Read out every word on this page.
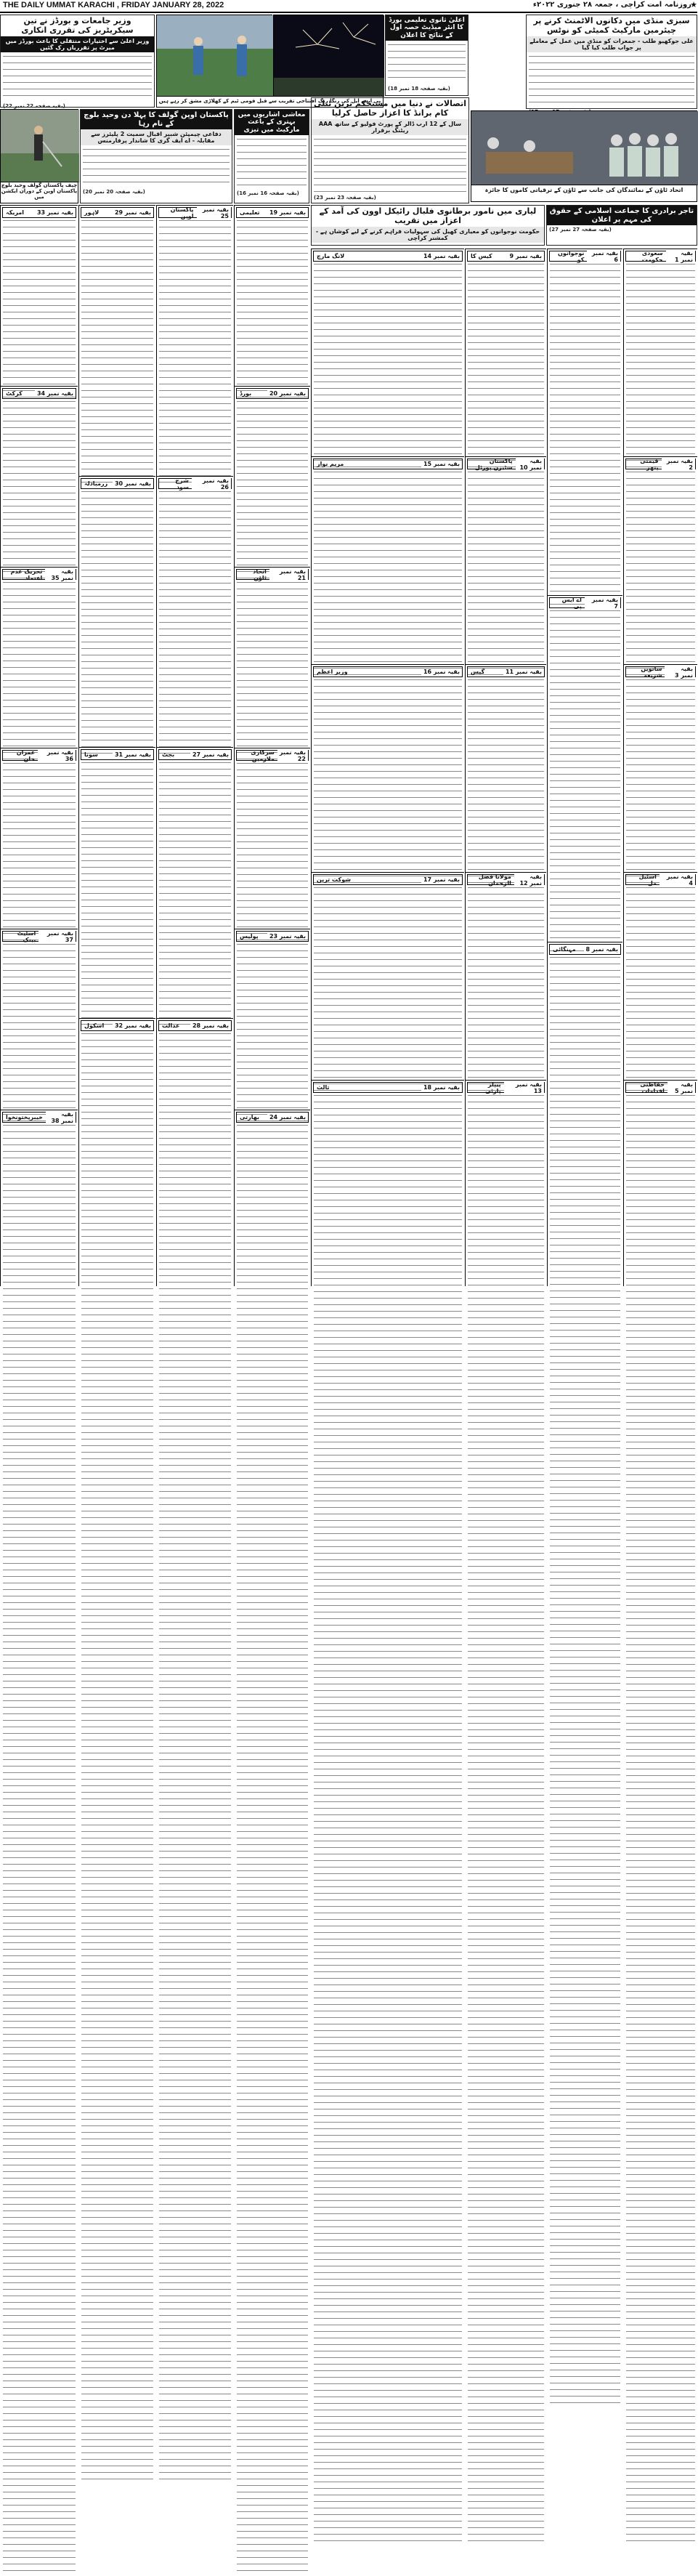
THE DAILY UMMAT KARACHI , FRIDAY JANUARY 28, 2022	روزنامہ امت کراچی ، جمعہ ۲۸ جنوری ۲۰۲۲ء
★
سبزی منڈی میں دکانوں الاٹمنٹ کرنے پر چیئرمین مارکیٹ کمیٹی کو نوٹس
علی جوکھیو طلب - جمعرات کو منڈی میں عمل کے معاملے پر جواب طلب کیا گیا
اتحاد ٹاؤن کے نمائندگان کی جانب سے ٹاؤن کے ترقیاتی کاموں کا جائزہ
اعلیٰ ثانوی تعلیمی بورڈ کا انٹر میڈیٹ حصہ اول کے نتائج کا اعلان
(بقیہ صفحہ 18 نمبر 18)
پی ایس ایل کی رنگا رنگ افتتاحی تقریب سے قبل قومی ٹیم کے کھلاڑی مشق کر رہے ہیں
وزیر جامعات و بورڈز نے تین سیکریٹریز کی تقرری انکاری
وزیر اعلیٰ سے اختیارات منتقلی کا باعث بورڈز میں میرٹ پر تقرریاں رک گئیں
(بقیہ صفحہ 22 نمبر 22)	اتصالات نے دنیا میں مستحکم ترین ٹیلی کام برانڈ کا اعزاز حاصل کرلیا
سال کے 12 ارب ڈالر کے پورٹ فولیو کے ساتھ AAA ریٹنگ برقرار
(بقیہ صفحہ 23 نمبر 23)
معاشی اشاریوں میں بہتری کے باعث مارکیٹ میں تیزی
(بقیہ صفحہ 16 نمبر 16)
پاکستان اوپن گولف کا پہلا دن وحید بلوچ کے نام رہا
دفاعی چیمپئن شبیر اقبال سمیت 2 پلیئرز سے مقابلہ - اے ایف گری کا شاندار پرفارمنس
(بقیہ صفحہ 20 نمبر 20)
چیف پاکستان گولف وحید بلوچ پاکستان اوپن کے دوران ایکشن میں
تاجر برادری کا جماعت اسلامی کے حقوق کی مہم پر اعلان
(بقیہ صفحہ 27 نمبر 27)
لیاری میں نامور برطانوی فلبال رائیکل اوون کی آمد کے اعزاز میں تقریب
حکومت نوجوانوں کو معیاری کھیل کی سہولیات فراہم کرنے کے لیے کوشاں ہے - کمشنر کراچی
سعودی حکومت
بقیہ نمبر 1
قیمتی پتھر
بقیہ نمبر 2
ساتویں شریعہ
بقیہ نمبر 3
اسٹیل مل
بقیہ نمبر 4
حفاظتی اقدامات
بقیہ نمبر 5
نوجوانوں کو
بقیہ نمبر 6
اے ایس پی
بقیہ نمبر 7
مہنگائی	بقیہ نمبر 8
کیس کا	بقیہ نمبر 9
پاکستان سٹیزن پورٹل
بقیہ نمبر 10
گیس	بقیہ نمبر 11
مولانا فضل الرحمان
بقیہ نمبر 12
پیپلز پارٹی
بقیہ نمبر 13
لانگ مارچ	بقیہ نمبر 14
مریم نواز	بقیہ نمبر 15
وزیر اعظم	بقیہ نمبر 16
شوکت ترین	بقیہ نمبر 17
ثالث	بقیہ نمبر 18
تعلیمی	بقیہ نمبر 19
بورڈ	بقیہ نمبر 20
اتحاد ٹاؤن
بقیہ نمبر 21
سرکاری ملازمین
بقیہ نمبر 22
پولیس	بقیہ نمبر 23
بھارتی	بقیہ نمبر 24
پاکستان اوپن
بقیہ نمبر 25
شرح سود
بقیہ نمبر 26
بجٹ	بقیہ نمبر 27
عدالت	بقیہ نمبر 28
لاہور	بقیہ نمبر 29
زرمبادلہ	بقیہ نمبر 30
سونا	بقیہ نمبر 31
اسکول	بقیہ نمبر 32
امریکہ	بقیہ نمبر 33
کرکٹ	بقیہ نمبر 34
تحریک عدم اعتماد
بقیہ نمبر 35
عمران خان
بقیہ نمبر 36
اسٹیٹ بینک
بقیہ نمبر 37
خیبرپختونخوا	بقیہ نمبر 38
